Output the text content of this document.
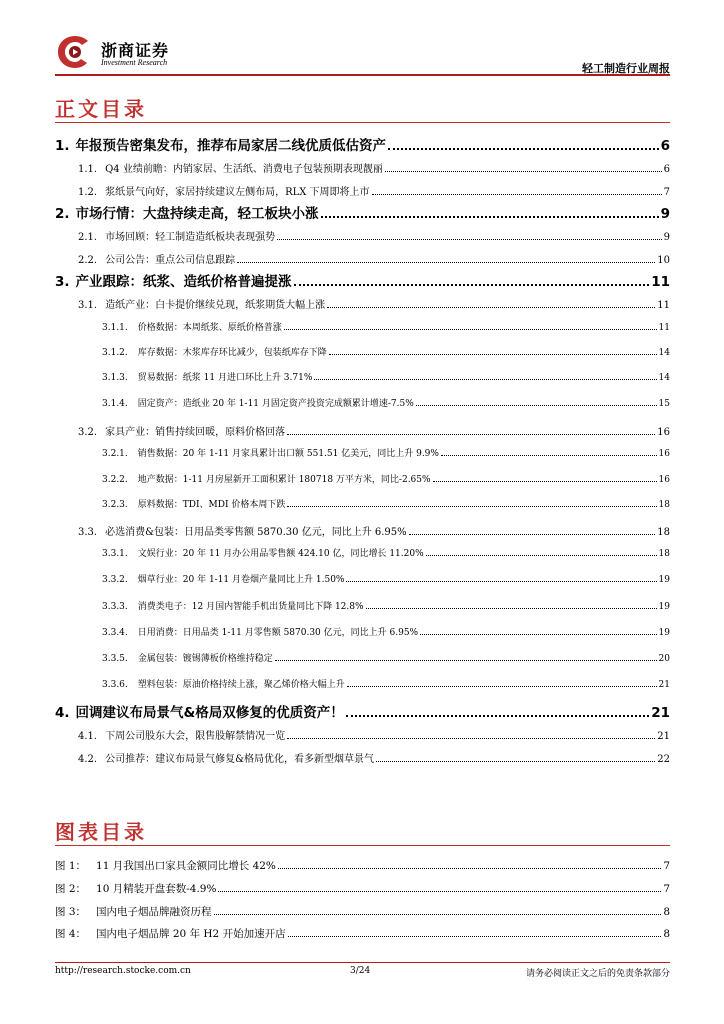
浙商证券
Investment Research	轻工制造行业周报
正文目录
1. 年报预告密集发布，推荐布局家居二线优质低估资产	6
1.1. Q4 业绩前瞻：内销家居、生活纸、消费电子包装预期表现靓丽	6
1.2. 浆纸景气向好，家居持续建议左侧布局，RLX 下周即将上市	7
2. 市场行情：大盘持续走高，轻工板块小涨	9
2.1. 市场回顾：轻工制造造纸板块表现强势	9
2.2. 公司公告：重点公司信息跟踪	10
3. 产业跟踪：纸浆、造纸价格普遍提涨	11
3.1. 造纸产业：白卡提价继续兑现，纸浆期货大幅上涨	11
3.1.1. 价格数据：本周纸浆、原纸价格普涨	11
3.1.2. 库存数据：木浆库存环比减少，包装纸库存下降	14
3.1.3. 贸易数据：纸浆 11 月进口环比上升 3.71%	14
3.1.4. 固定资产：造纸业 20 年 1-11 月固定资产投资完成额累计增速-7.5%	15
3.2. 家具产业：销售持续回暖，原料价格回落	16
3.2.1. 销售数据：20 年 1-11 月家具累计出口额 551.51 亿美元，同比上升 9.9%	16
3.2.2. 地产数据：1-11 月房屋新开工面积累计 180718 万平方米，同比-2.65%	16
3.2.3. 原料数据：TDI、MDI 价格本周下跌	18
3.3. 必选消费&包装：日用品类零售额 5870.30 亿元，同比上升 6.95%	18
3.3.1. 文娱行业：20 年 11 月办公用品零售额 424.10 亿，同比增长 11.20%	18
3.3.2. 烟草行业：20 年 1-11 月卷烟产量同比上升 1.50%	19
3.3.3. 消费类电子：12 月国内智能手机出货量同比下降 12.8%	19
3.3.4. 日用消费：日用品类 1-11 月零售额 5870.30 亿元，同比上升 6.95%	19
3.3.5. 金属包装：镀锡薄板价格维持稳定	20
3.3.6. 塑料包装：原油价格持续上涨，聚乙烯价格大幅上升	21
4. 回调建议布局景气&格局双修复的优质资产！	21
4.1. 下周公司股东大会，限售股解禁情况一览	21
4.2. 公司推荐：建议布局景气修复&格局优化，看多新型烟草景气	22
图表目录
图 1： 11 月我国出口家具金额同比增长 42%	7
图 2： 10 月精装开盘套数-4.9%	7
图 3： 国内电子烟品牌融资历程	8
图 4： 国内电子烟品牌 20 年 H2 开始加速开店	8
http://research.stocke.com.cn	3/24	请务必阅读正文之后的免责条款部分
